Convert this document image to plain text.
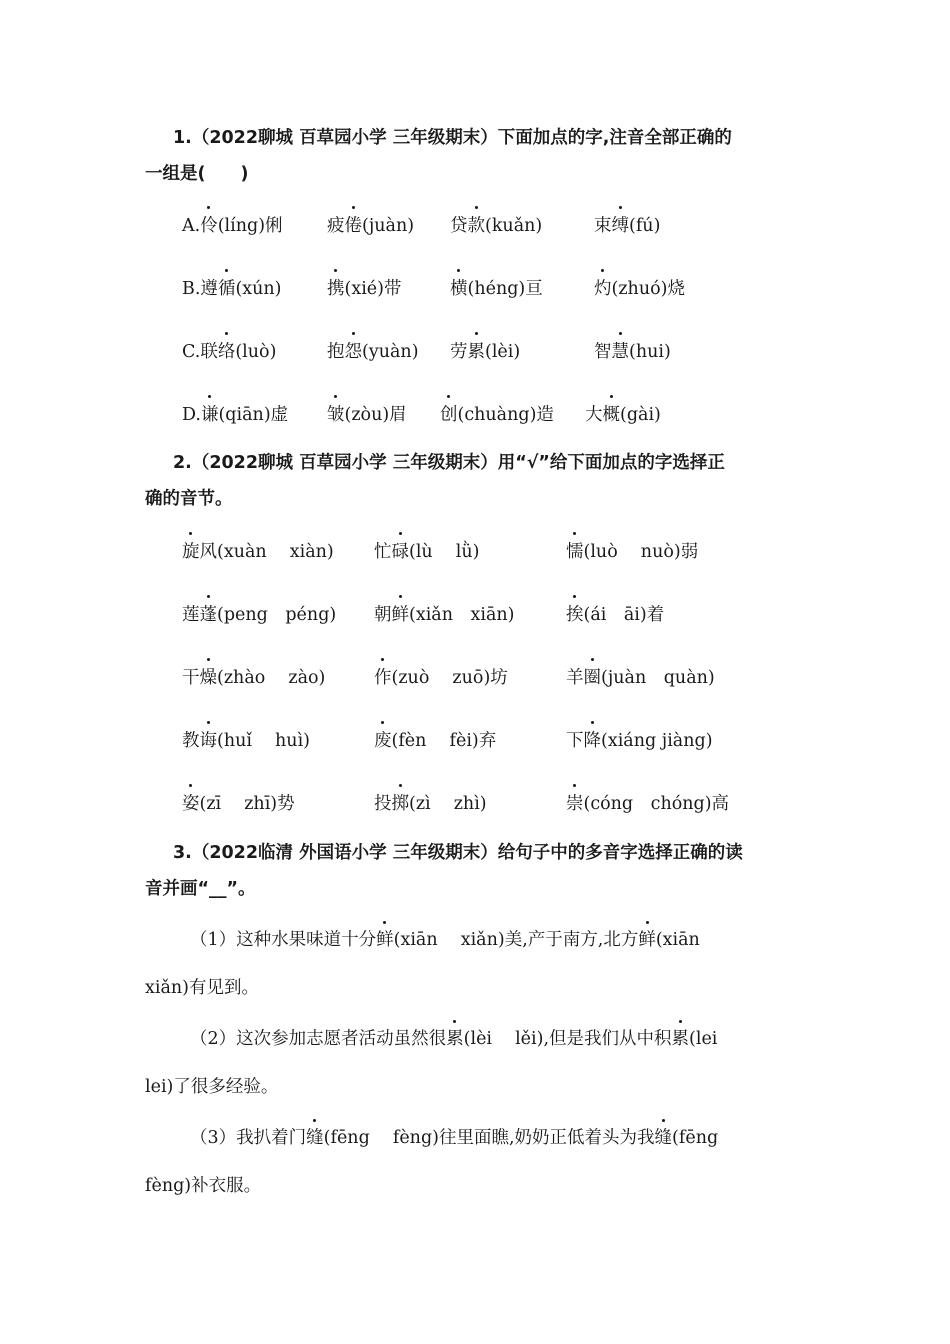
1.（2022聊城 百草园小学 三年级期末）下面加点的字,注音全部正确的
一组是(　　)
A.伶(líng)俐	疲倦(juàn) 贷款(kuǎn)	束缚(fú)
B.遵循(xún)	携(xié)带	横(héng)亘	灼(zhuó)烧
C.联络(luò)	抱怨(yuàn) 劳累(lèi)	智慧(hui)
D.谦(qiān)虚 皱(zòu)眉 创(chuàng)造 大概(gài)
2.（2022聊城 百草园小学 三年级期末）用“√”给下面加点的字选择正
确的音节。
旋风(xuàn　 xiàn) 忙碌(lù　 lǜ)	懦(luò　 nuò)弱
莲蓬(peng　péng) 朝鲜(xiǎn　xiān)	挨(ái　āi)着
干燥(zhào　 zào)	作(zuò　 zuō)坊	羊圈(juàn　quàn)
教诲(huǐ　 huì)	废(fèn　 fèi)弃	下降(xiáng jiàng)
姿(zī　 zhī)势	投掷(zì　 zhì)	崇(cóng　chóng)高
3.（2022临清 外国语小学 三年级期末）给句子中的多音字选择正确的读
音并画“__”。
（1）这种水果味道十分鲜(xiān　 xiǎn)美,产于南方,北方鲜(xiān
xiǎn)有见到。
（2）这次参加志愿者活动虽然很累(lèi　 lěi),但是我们从中积累(lei
lei)了很多经验。
（3）我扒着门缝(fēng　 fèng)往里面瞧,奶奶正低着头为我缝(fēng
fèng)补衣服。
